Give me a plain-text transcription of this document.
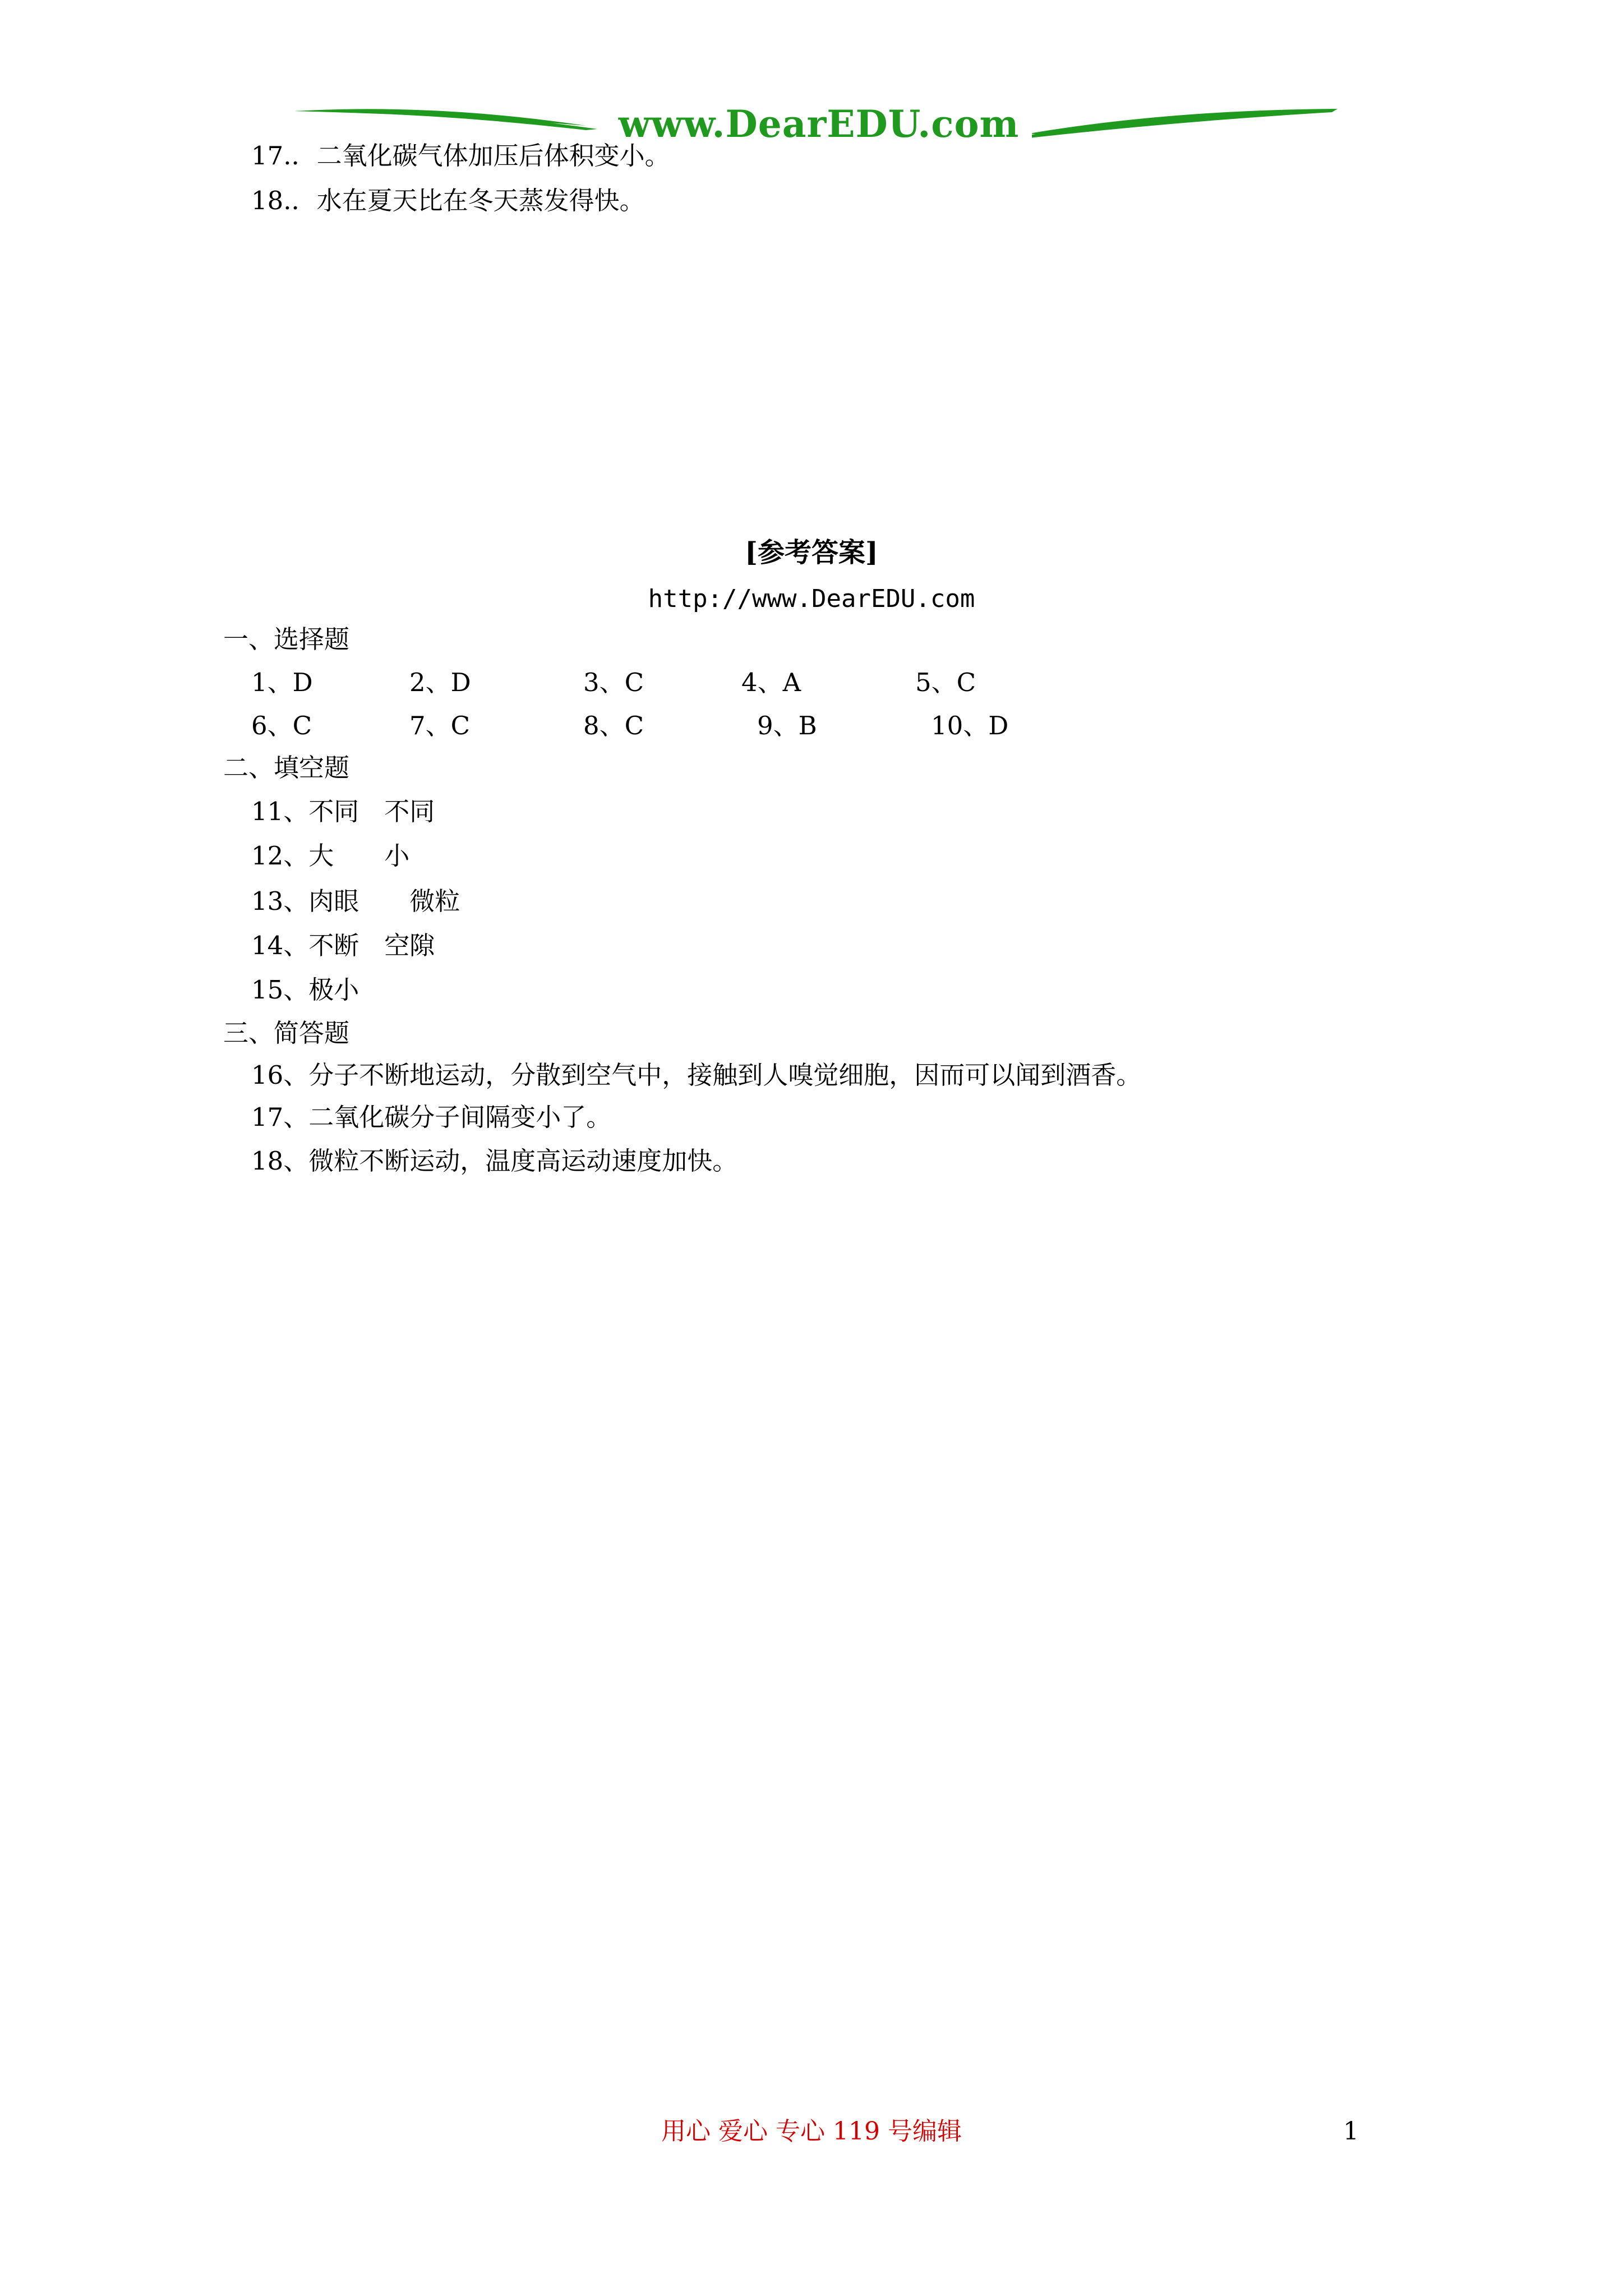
www.DearEDU.com
17.．二氧化碳气体加压后体积变小。
18.．水在夏天比在冬天蒸发得快。
[参考答案]
http://www.DearEDU.com
一、选择题
1、D	2、D	3、C	4、A	5、C
6、C	7、C	8、C	9、B	10、D
二、填空题
11、不同　不同
12、大　　小
13、肉眼　　微粒
14、不断　空隙
15、极小
三、简答题
16、分子不断地运动，分散到空气中，接触到人嗅觉细胞，因而可以闻到酒香。
17、二氧化碳分子间隔变小了。
18、微粒不断运动，温度高运动速度加快。
用心 爱心 专心 119 号编辑	1
